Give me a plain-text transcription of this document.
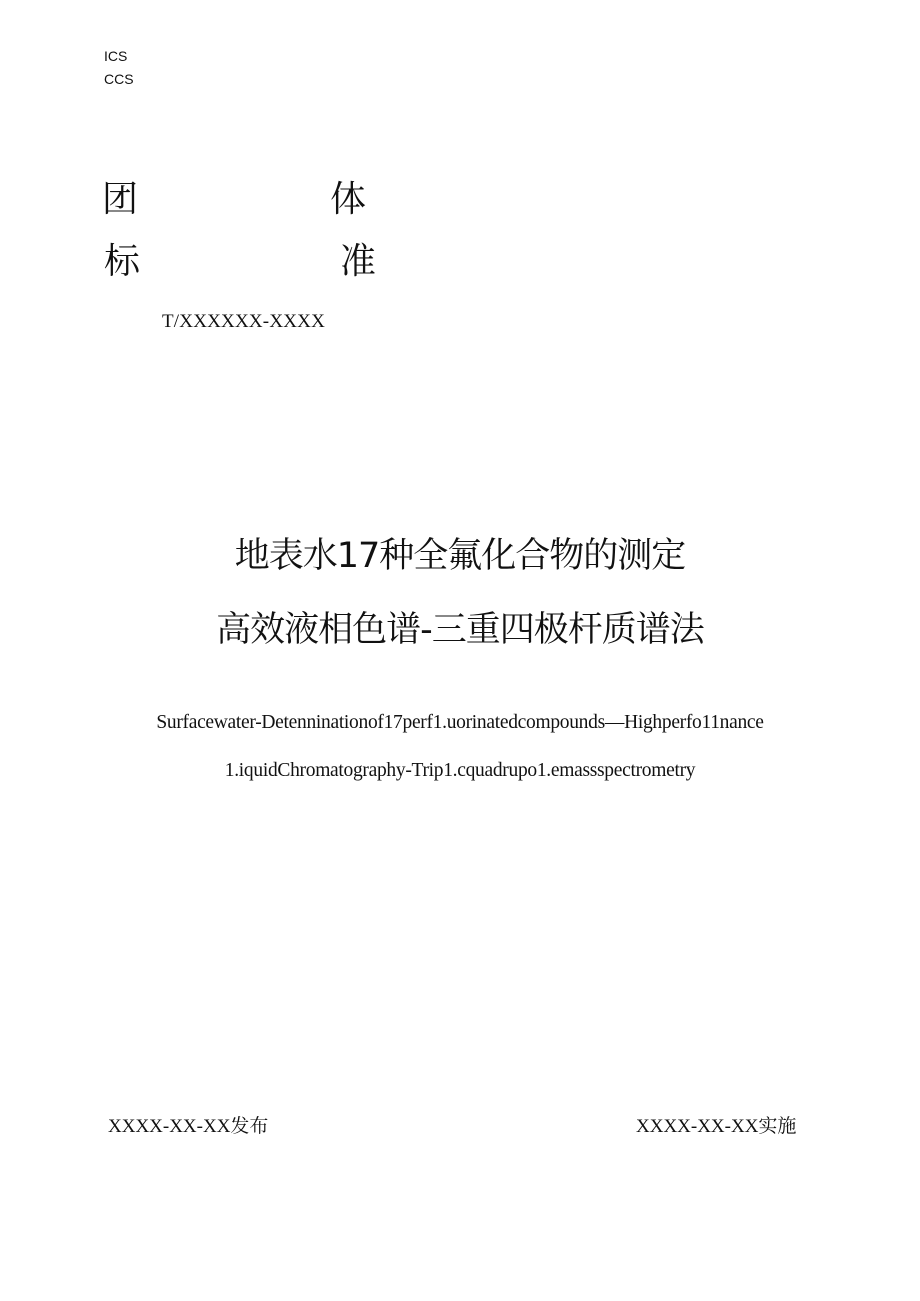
ICS
CCS
团	体
标	准
T/XXXXXX-XXXX
地表水17种全氟化合物的测定
高效液相色谱-三重四极杆质谱法
Surfacewater-Detenninationof17perf1.uorinatedcompounds—Highperfo11nance
1.iquidChromatography-Trip1.cquadrupo1.emassspectrometry
XXXX-XX-XX发布	XXXX-XX-XX实施
